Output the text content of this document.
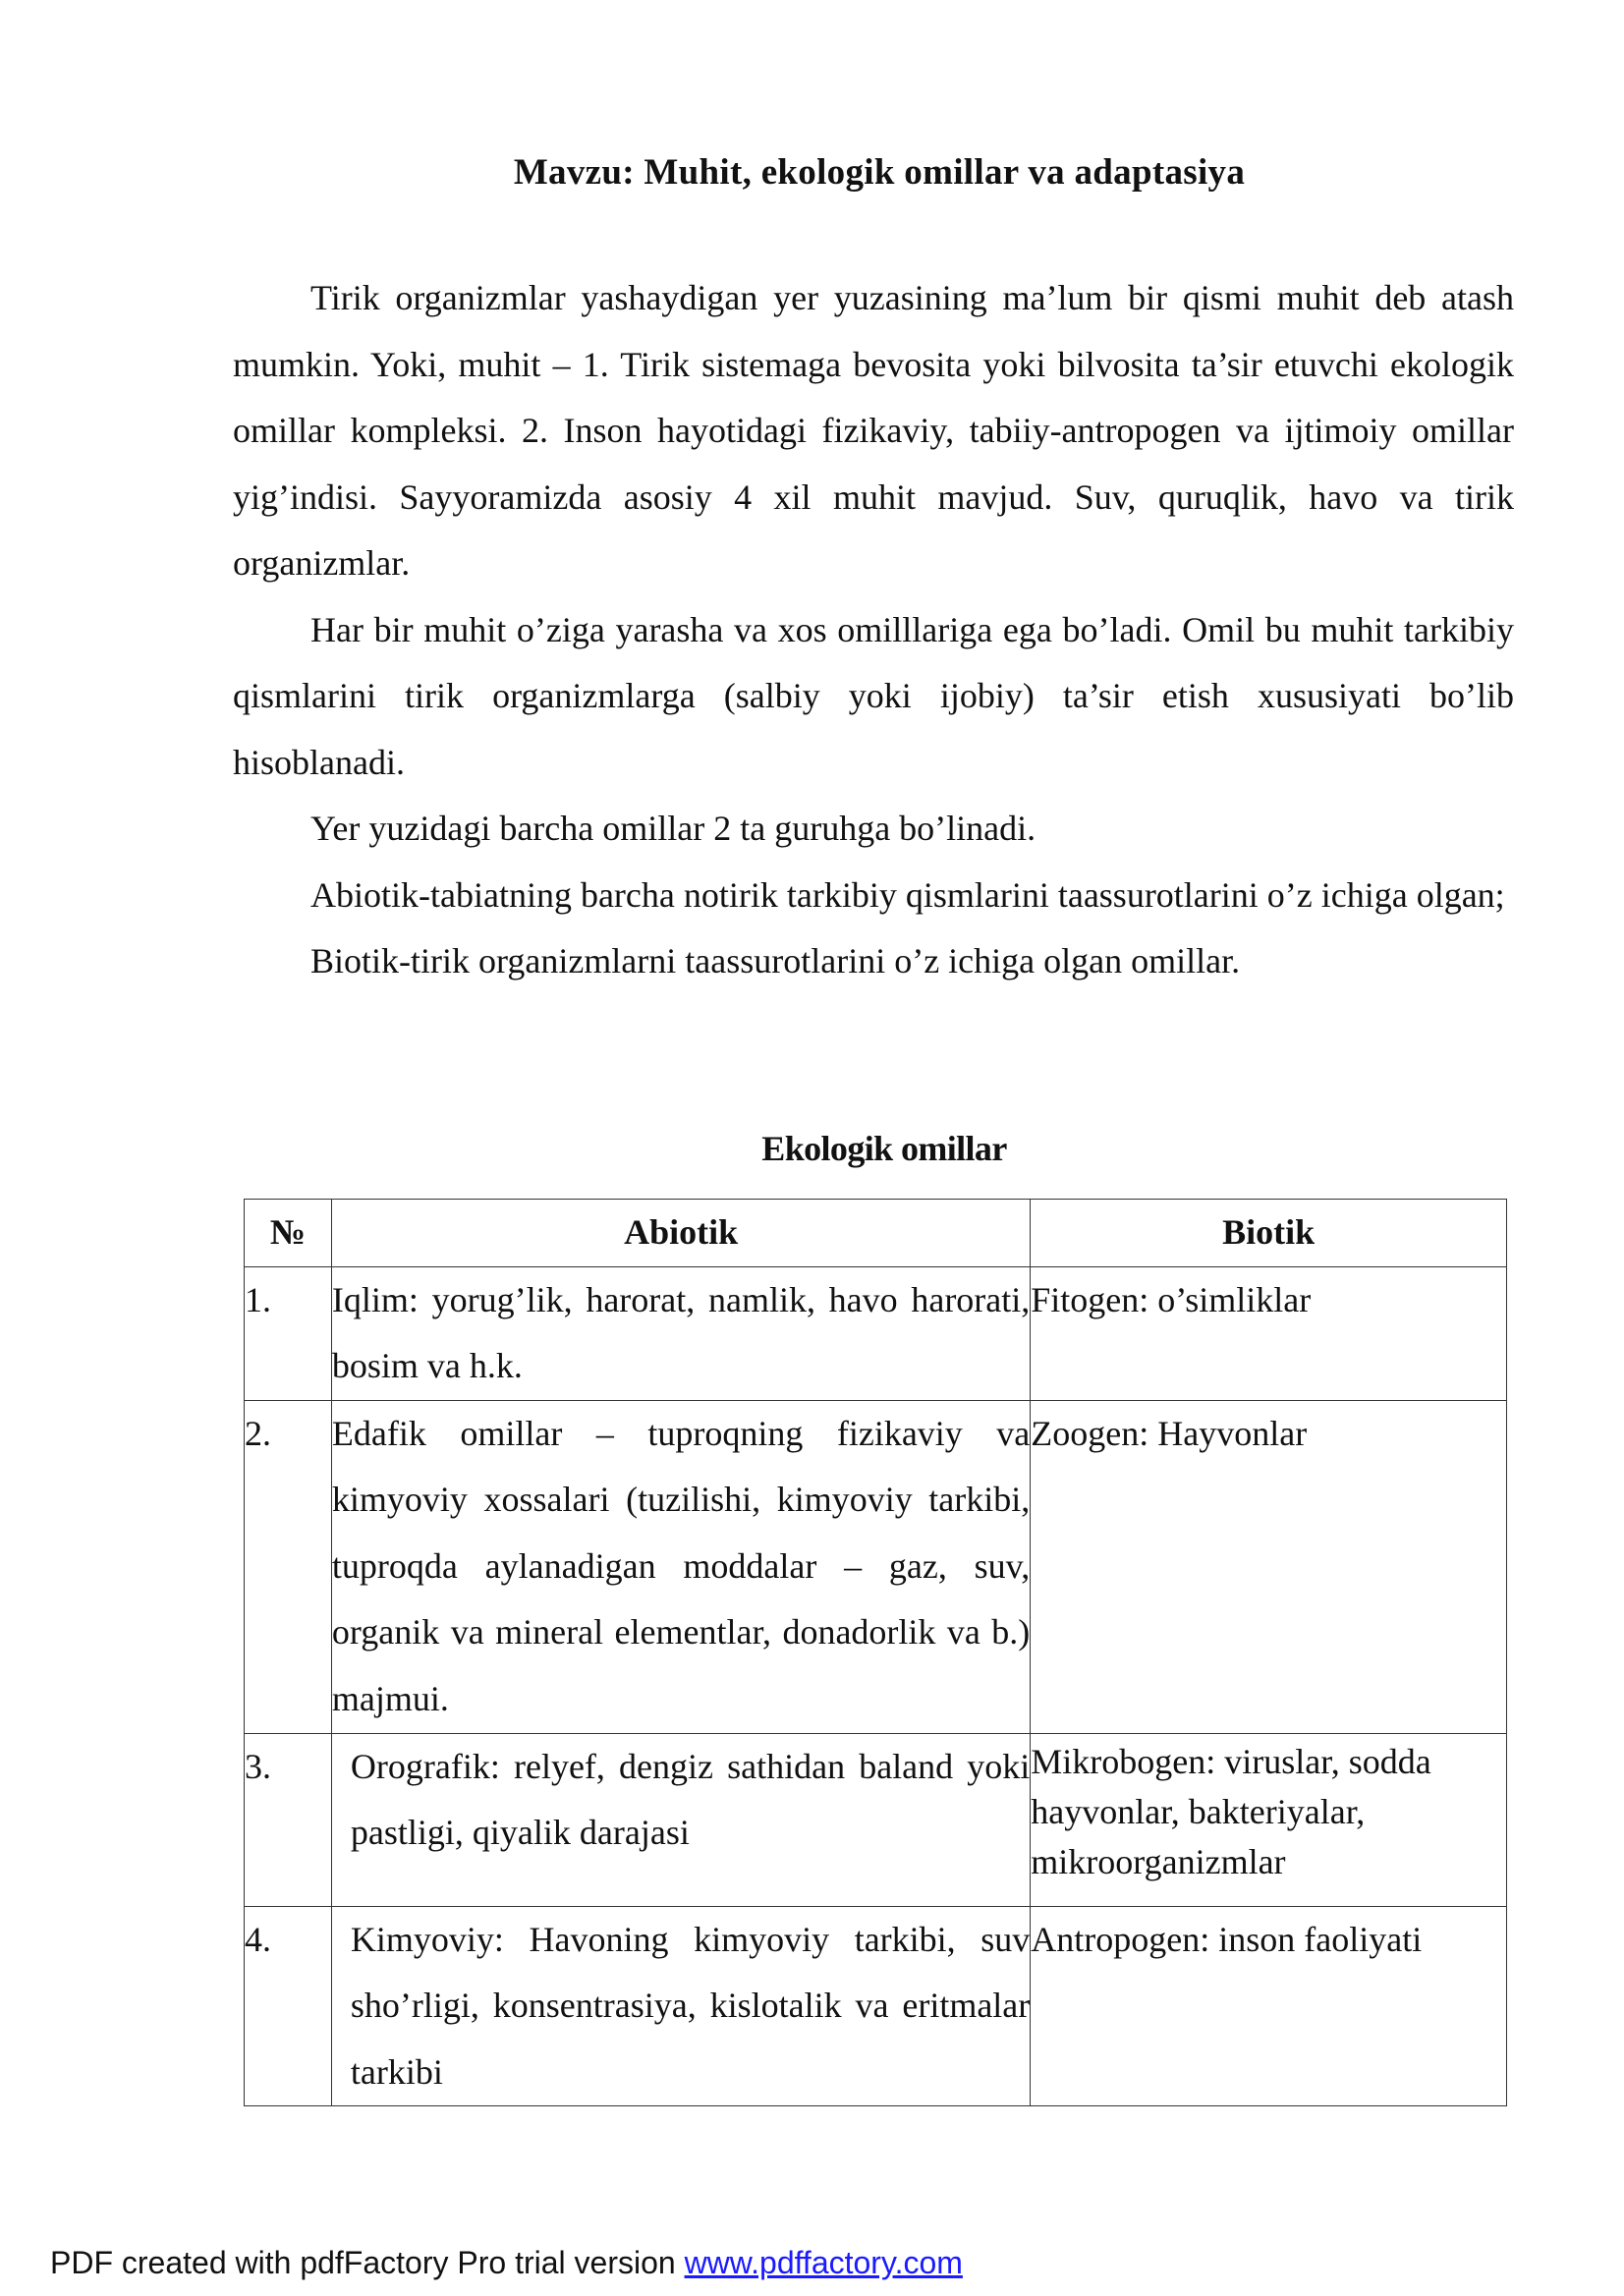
Mavzu: Muhit, ekologik omillar va adaptasiya

Tirik organizmlar yashaydigan yer yuzasining ma’lum bir qismi muhit deb atash mumkin. Yoki, muhit – 1. Tirik sistemaga bevosita yoki bilvosita ta’sir etuvchi ekologik omillar kompleksi. 2. Inson hayotidagi fizikaviy, tabiiy-antropogen va ijtimoiy omillar yig’indisi. Sayyoramizda asosiy 4 xil muhit mavjud. Suv, quruqlik, havo va tirik organizmlar.

Har bir muhit o’ziga yarasha va xos omilllariga ega bo’ladi. Omil bu muhit tarkibiy qismlarini tirik organizmlarga (salbiy yoki ijobiy) ta’sir etish xususiyati bo’lib hisoblanadi.

Yer yuzidagi barcha omillar 2 ta guruhga bo’linadi.

Abiotik-tabiatning barcha notirik tarkibiy qismlarini taassurotlarini o’z ichiga olgan;

Biotik-tirik organizmlarni taassurotlarini o’z ichiga olgan omillar.

Ekologik omillar
№	Abiotik	Biotik
1.	Iqlim: yorug’lik, harorat, namlik, havo harorati, bosim va h.k.	Fitogen: o’simliklar
2.	Edafik omillar – tuproqning fizikaviy va kimyoviy xossalari (tuzilishi, kimyoviy tarkibi, tuproqda aylanadigan moddalar – gaz, suv, organik va mineral elementlar, donadorlik va b.) majmui.	Zoogen: Hayvonlar
3.	Orografik: relyef, dengiz sathidan baland yoki pastligi, qiyalik darajasi	Mikrobogen: viruslar, sodda hayvonlar, bakteriyalar, mikroorganizmlar
4.	Kimyoviy: Havoning kimyoviy tarkibi, suv sho’rligi, konsentrasiya, kislotalik va eritmalar tarkibi	Antropogen: inson faoliyati
PDF created with pdfFactory Pro trial version www.pdffactory.com
